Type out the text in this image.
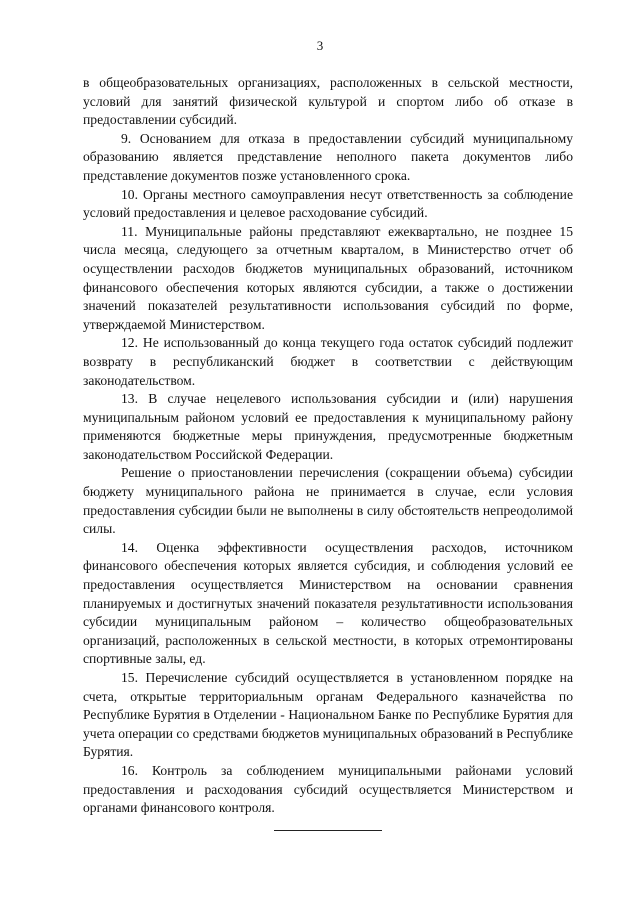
3

в общеобразовательных организациях, расположенных в сельской местности, условий для занятий физической культурой и спортом либо об отказе в предоставлении субсидий.

9. Основанием для отказа в предоставлении субсидий муниципальному образованию является представление неполного пакета документов либо представление документов позже установленного срока.

10. Органы местного самоуправления несут ответственность за соблюдение условий предоставления и целевое расходование субсидий.

11. Муниципальные районы представляют ежеквартально, не позднее 15 числа месяца, следующего за отчетным кварталом, в Министерство отчет об осуществлении расходов бюджетов муниципальных образований, источником финансового обеспечения которых являются субсидии, а также о достижении значений показателей результативности использования субсидий по форме, утверждаемой Министерством.

12. Не использованный до конца текущего года остаток субсидий подлежит возврату в республиканский бюджет в соответствии с действующим законодательством.

13. В случае нецелевого использования субсидии и (или) нарушения муниципальным районом условий ее предоставления к муниципальному району применяются бюджетные меры принуждения, предусмотренные бюджетным законодательством Российской Федерации.

Решение о приостановлении перечисления (сокращении объема) субсидии бюджету муниципального района не принимается в случае, если условия предоставления субсидии были не выполнены в силу обстоятельств непреодолимой силы.

14. Оценка эффективности осуществления расходов, источником финансового обеспечения которых является субсидия, и соблюдения условий ее предоставления осуществляется Министерством на основании сравнения планируемых и достигнутых значений показателя результативности использования субсидии муниципальным районом – количество общеобразовательных организаций, расположенных в сельской местности, в которых отремонтированы спортивные залы, ед.

15. Перечисление субсидий осуществляется в установленном порядке на счета, открытые территориальным органам Федерального казначейства по Республике Бурятия в Отделении - Национальном Банке по Республике Бурятия для учета операции со средствами бюджетов муниципальных образований в Республике Бурятия.

16. Контроль за соблюдением муниципальными районами условий предоставления и расходования субсидий осуществляется Министерством и органами финансового контроля.
